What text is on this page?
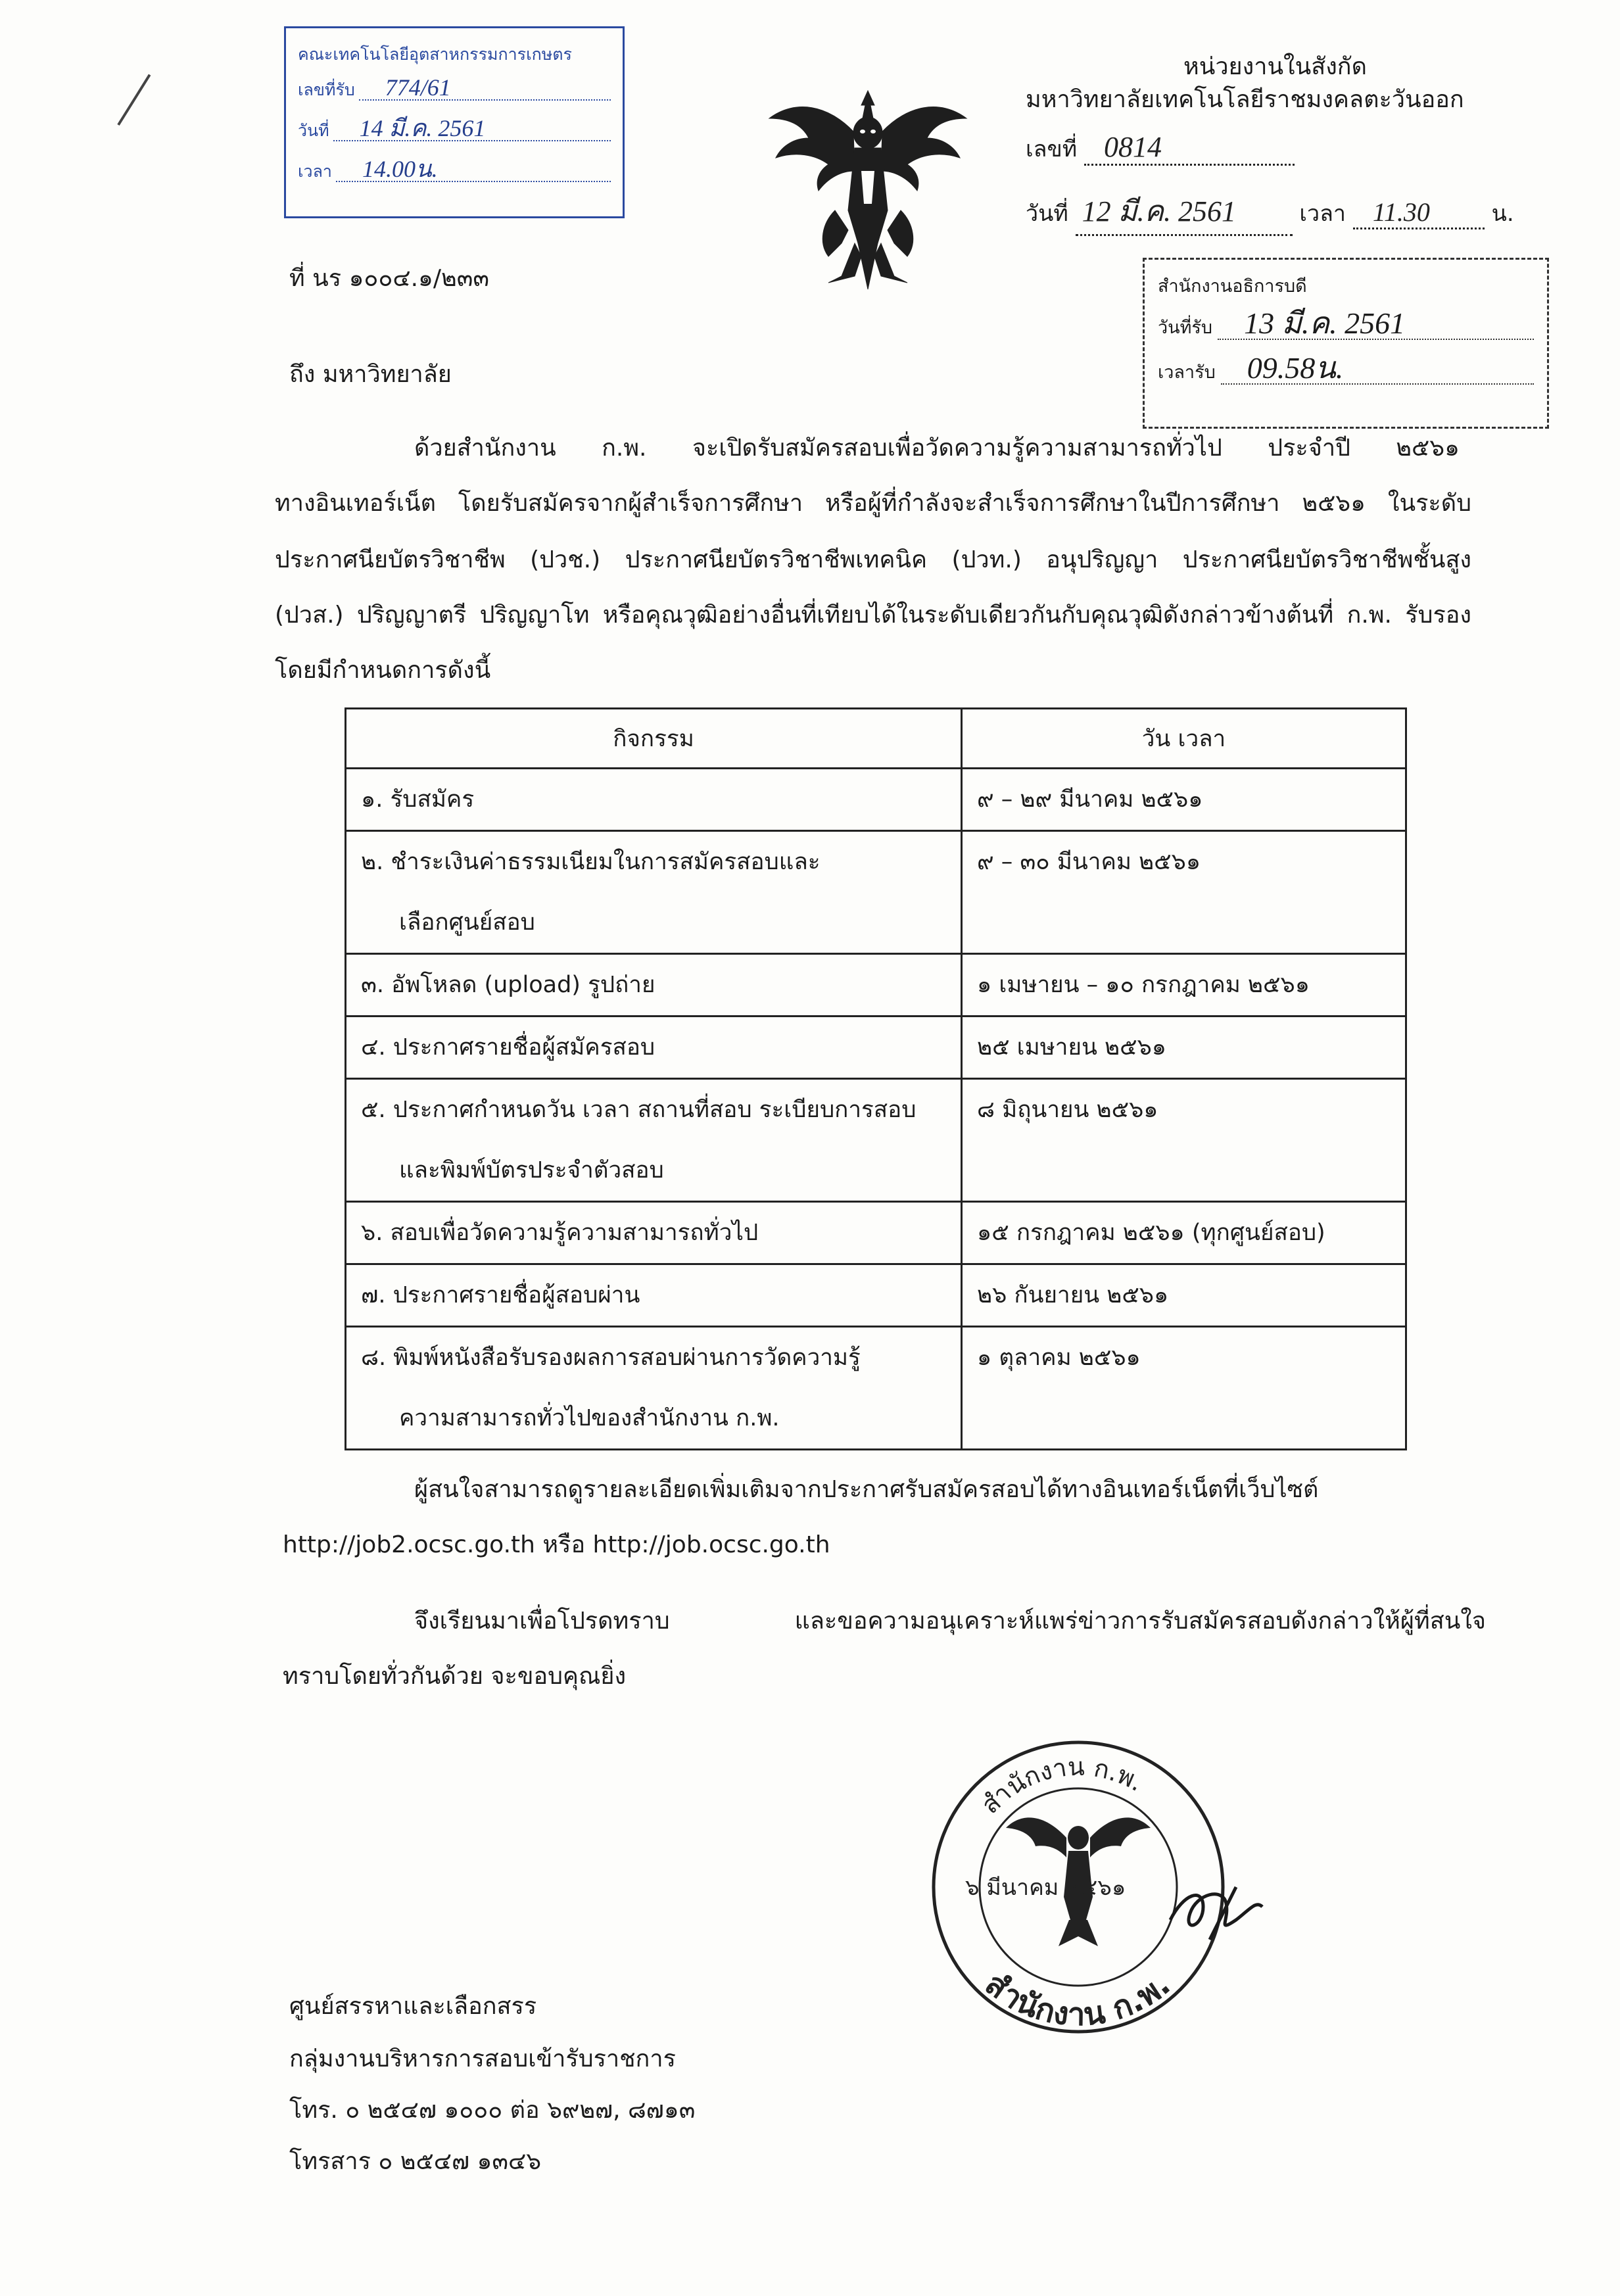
คณะเทคโนโลยีอุตสาหกรรมการเกษตร
เลขที่รับ	774/61
วันที่	14 มี.ค. 2561
เวลา	14.00น.
หน่วยงานในสังกัด
มหาวิทยาลัยเทคโนโลยีราชมงคลตะวันออก
เลขที่ 0814
วันที่ 12 มี.ค. 2561	เวลา 11.30	น.
สำนักงานอธิการบดี
วันที่รับ	13 มี.ค. 2561
เวลารับ	09.58น.
ที่ นร ๑๐๐๔.๑/๒๓๓
ถึง มหาวิทยาลัย
ด้วยสำนักงาน ก.พ. จะเปิดรับสมัครสอบเพื่อวัดความรู้ความสามารถทั่วไป ประจำปี ๒๕๖๑
ทางอินเทอร์เน็ต โดยรับสมัครจากผู้สำเร็จการศึกษา หรือผู้ที่กำลังจะสำเร็จการศึกษาในปีการศึกษา ๒๕๖๑ ในระดับ
ประกาศนียบัตรวิชาชีพ (ปวช.) ประกาศนียบัตรวิชาชีพเทคนิค (ปวท.) อนุปริญญา ประกาศนียบัตรวิชาชีพชั้นสูง
(ปวส.) ปริญญาตรี ปริญญาโท หรือคุณวุฒิอย่างอื่นที่เทียบได้ในระดับเดียวกันกับคุณวุฒิดังกล่าวข้างต้นที่ ก.พ. รับรอง
โดยมีกำหนดการดังนี้
กิจกรรม	วัน เวลา

๑. รับสมัคร	๙ – ๒๙ มีนาคม ๒๕๖๑

๒. ชำระเงินค่าธรรมเนียมในการสมัครสอบและ
เลือกศูนย์สอบ	๙ – ๓๐ มีนาคม ๒๕๖๑

๓. อัพโหลด (upload) รูปถ่าย	๑ เมษายน – ๑๐ กรกฎาคม ๒๕๖๑

๔. ประกาศรายชื่อผู้สมัครสอบ	๒๕ เมษายน ๒๕๖๑

๕. ประกาศกำหนดวัน เวลา สถานที่สอบ ระเบียบการสอบ
และพิมพ์บัตรประจำตัวสอบ	๘ มิถุนายน ๒๕๖๑

๖. สอบเพื่อวัดความรู้ความสามารถทั่วไป	๑๕ กรกฎาคม ๒๕๖๑ (ทุกศูนย์สอบ)

๗. ประกาศรายชื่อผู้สอบผ่าน	๒๖ กันยายน ๒๕๖๑

๘. พิมพ์หนังสือรับรองผลการสอบผ่านการวัดความรู้
ความสามารถทั่วไปของสำนักงาน ก.พ.	๑ ตุลาคม ๒๕๖๑
ผู้สนใจสามารถดูรายละเอียดเพิ่มเติมจากประกาศรับสมัครสอบได้ทางอินเทอร์เน็ตที่เว็บไซต์
http://job2.ocsc.go.th หรือ http://job.ocsc.go.th
จึงเรียนมาเพื่อโปรดทราบ และขอความอนุเคราะห์แพร่ข่าวการรับสมัครสอบดังกล่าวให้ผู้ที่สนใจ
ทราบโดยทั่วกันด้วย จะขอบคุณยิ่ง
สำนักงาน ก.พ.
สำนักงาน ก.พ.
๖ มีนาคม ๒๕๖๑
ศูนย์สรรหาและเลือกสรร
กลุ่มงานบริหารการสอบเข้ารับราชการ
โทร. ๐ ๒๕๔๗ ๑๐๐๐ ต่อ ๖๙๒๗, ๘๗๑๓
โทรสาร ๐ ๒๕๔๗ ๑๓๔๖
